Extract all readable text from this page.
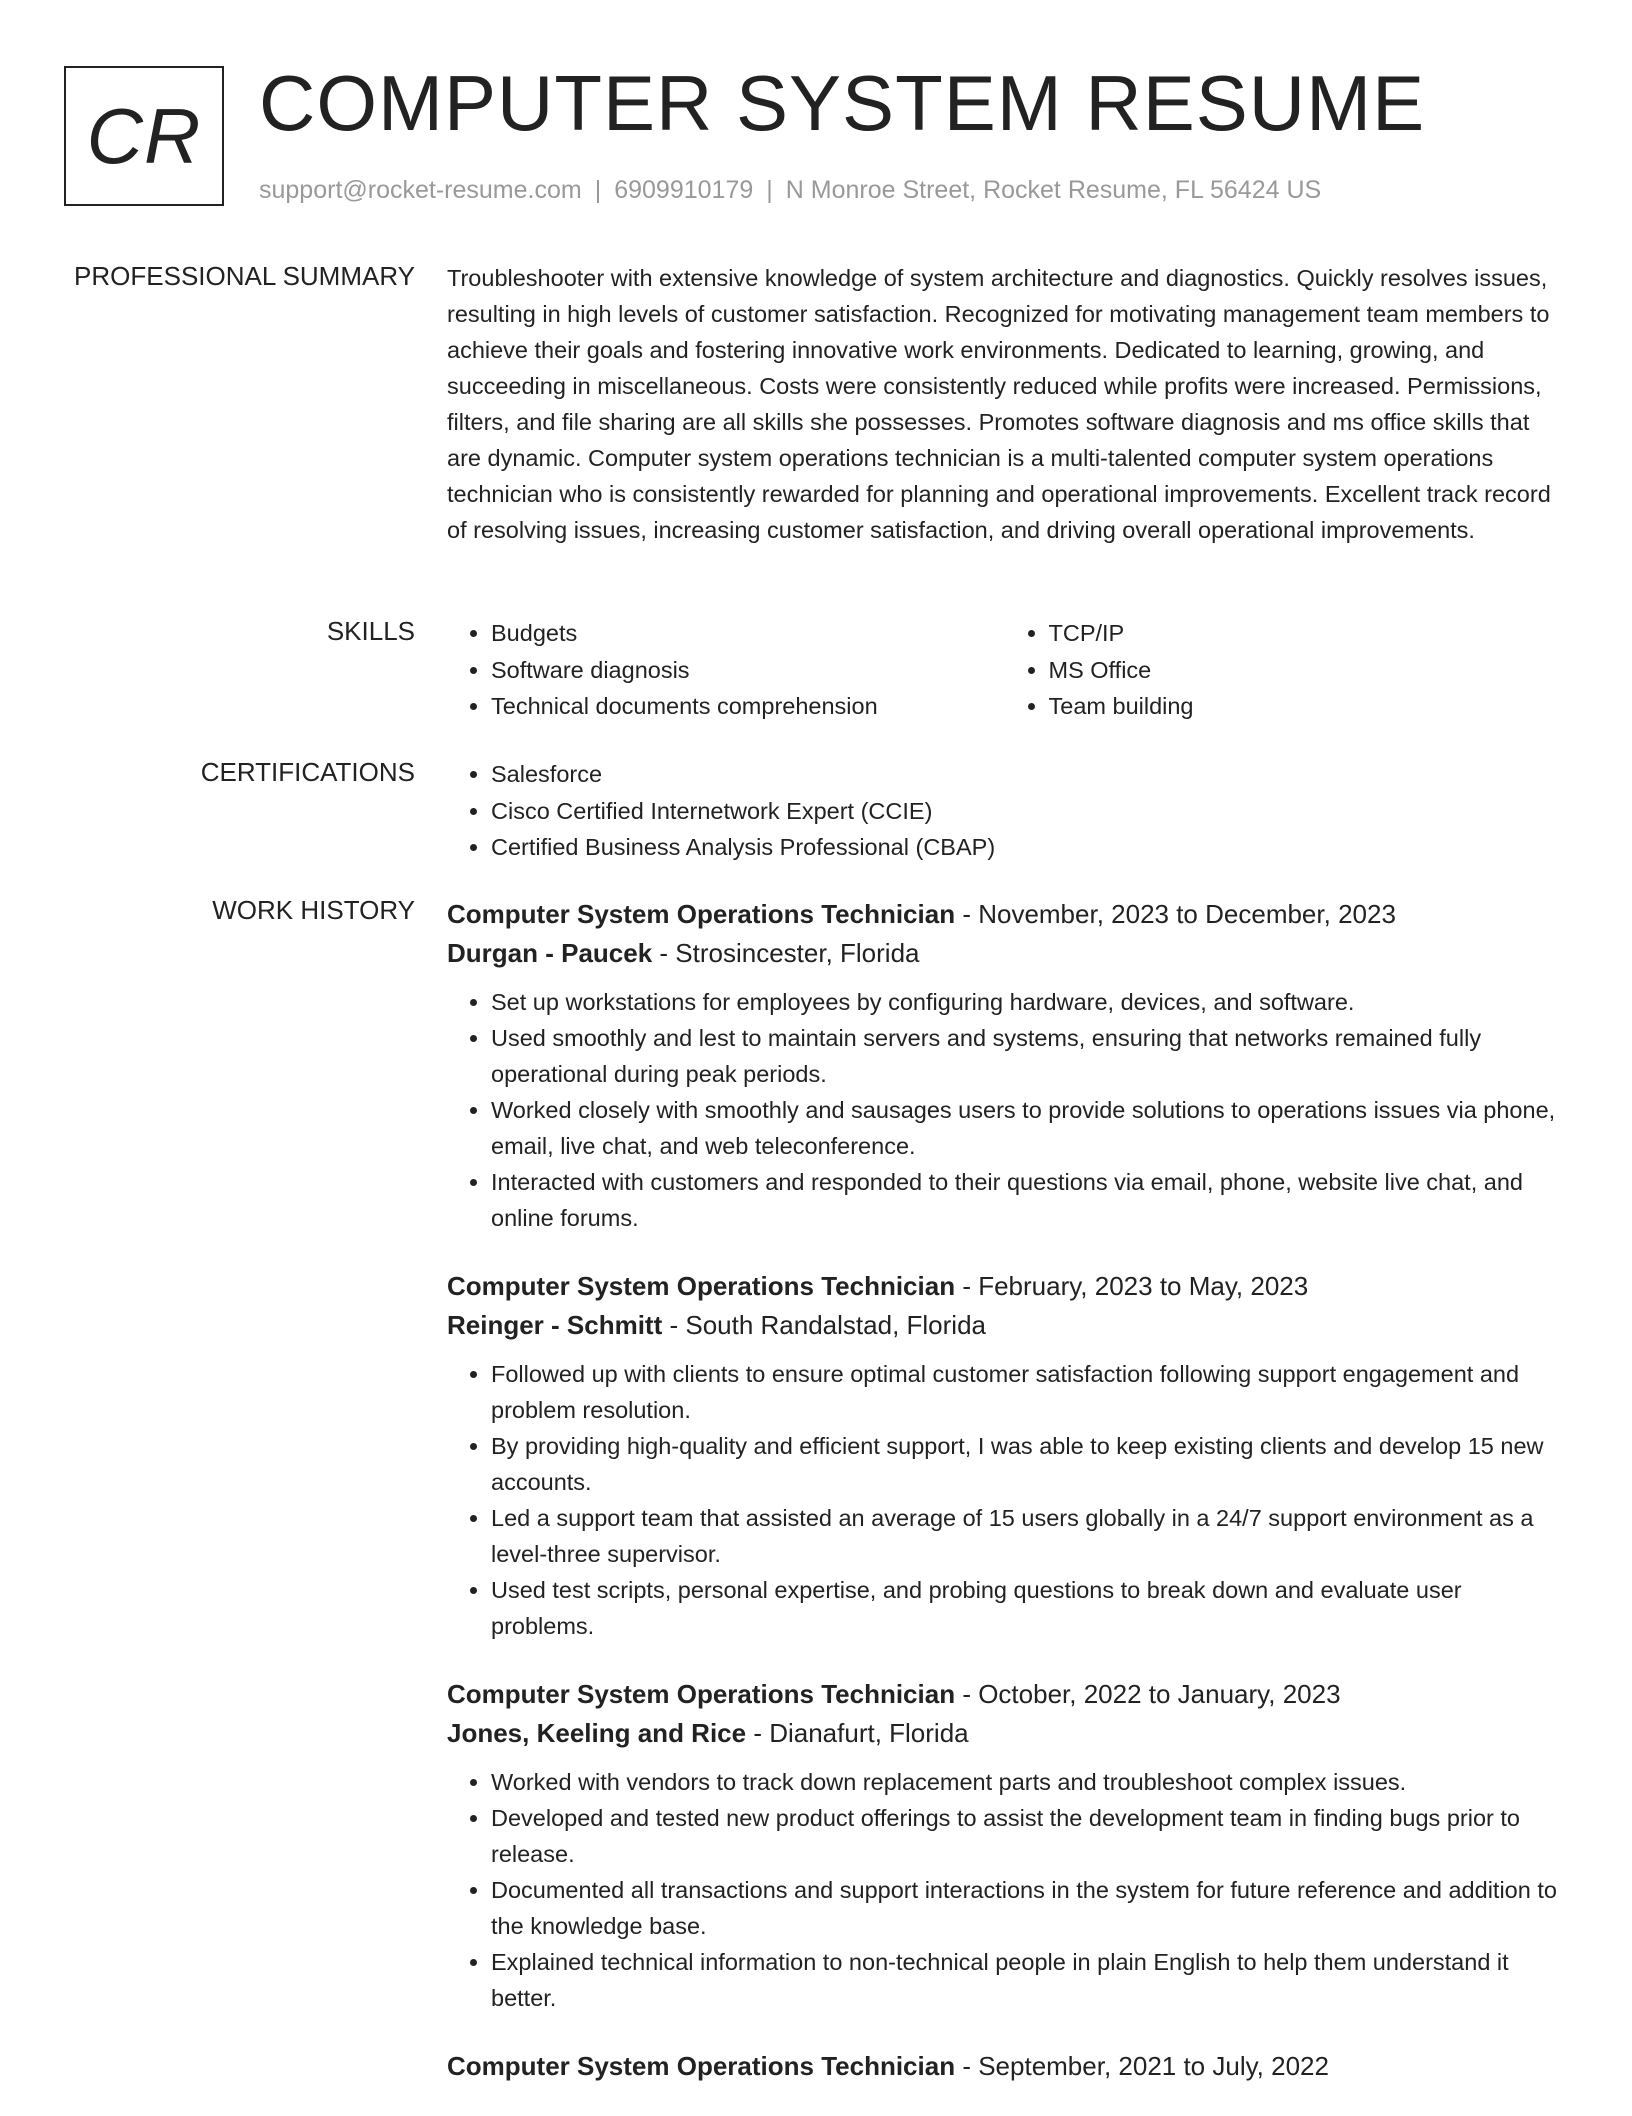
CR COMPUTER SYSTEM RESUME
support@rocket-resume.com | 6909910179 | N Monroe Street, Rocket Resume, FL 56424 US
PROFESSIONAL SUMMARY Troubleshooter with extensive knowledge of system architecture and diagnostics. Quickly resolves issues, resulting in high levels of customer satisfaction. Recognized for motivating management team members to achieve their goals and fostering innovative work environments. Dedicated to learning, growing, and succeeding in miscellaneous. Costs were consistently reduced while profits were increased. Permissions, filters, and file sharing are all skills she possesses. Promotes software diagnosis and ms office skills that are dynamic. Computer system operations technician is a multi-talented computer system operations technician who is consistently rewarded for planning and operational improvements. Excellent track record of resolving issues, increasing customer satisfaction, and driving overall operational improvements.
SKILLS	• Budgets
• Software diagnosis
• Technical documents comprehension
• TCP/IP
• MS Office
• Team building
CERTIFICATIONS	• Salesforce
• Cisco Certified Internetwork Expert (CCIE)
• Certified Business Analysis Professional (CBAP)
WORK HISTORY Computer System Operations Technician - November, 2023 to December, 2023
Durgan - Paucek - Strosincester, Florida
• Set up workstations for employees by configuring hardware, devices, and software.
• Used smoothly and lest to maintain servers and systems, ensuring that networks remained fully operational during peak periods.
• Worked closely with smoothly and sausages users to provide solutions to operations issues via phone, email, live chat, and web teleconference.
• Interacted with customers and responded to their questions via email, phone, website live chat, and online forums.
Computer System Operations Technician - February, 2023 to May, 2023
Reinger - Schmitt - South Randalstad, Florida
• Followed up with clients to ensure optimal customer satisfaction following support engagement and problem resolution.
• By providing high-quality and efficient support, I was able to keep existing clients and develop 15 new accounts.
• Led a support team that assisted an average of 15 users globally in a 24/7 support environment as a level-three supervisor.
• Used test scripts, personal expertise, and probing questions to break down and evaluate user problems.
Computer System Operations Technician - October, 2022 to January, 2023
Jones, Keeling and Rice - Dianafurt, Florida
• Worked with vendors to track down replacement parts and troubleshoot complex issues.
• Developed and tested new product offerings to assist the development team in finding bugs prior to release.
• Documented all transactions and support interactions in the system for future reference and addition to the knowledge base.
• Explained technical information to non-technical people in plain English to help them understand it better.
Computer System Operations Technician - September, 2021 to July, 2022
